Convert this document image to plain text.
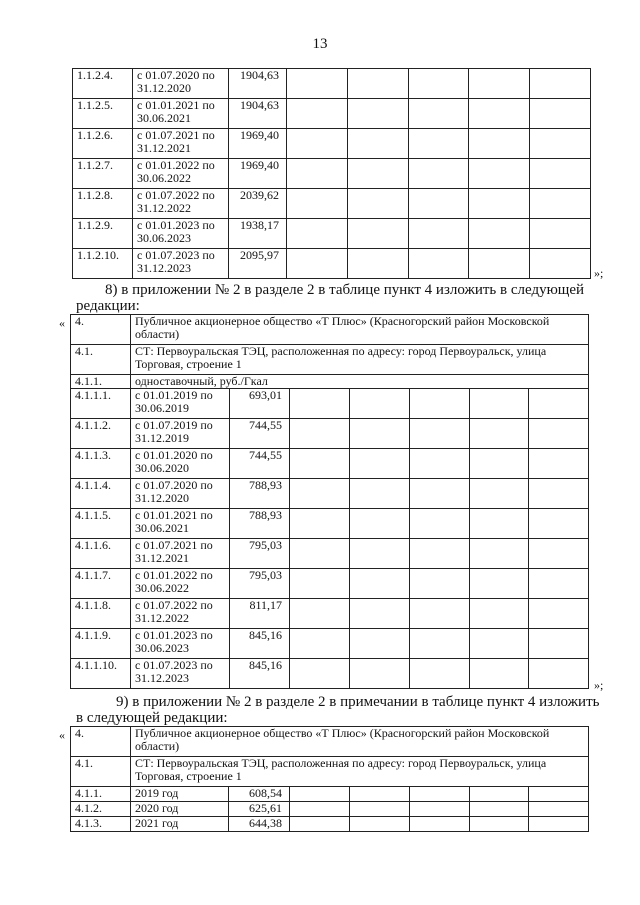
13
1.1.2.4.	с 01.07.2020 по 31.12.2020	1904,63					
1.1.2.5.	с 01.01.2021 по 30.06.2021	1904,63					
1.1.2.6.	с 01.07.2021 по 31.12.2021	1969,40					
1.1.2.7.	с 01.01.2022 по 30.06.2022	1969,40					
1.1.2.8.	с 01.07.2022 по 31.12.2022	2039,62					
1.1.2.9.	с 01.01.2023 по 30.06.2023	1938,17					
1.1.2.10.	с 01.07.2023 по 31.12.2023	2095,97					
»;
8) в приложении № 2 в разделе 2 в таблице пункт 4 изложить в следующей
редакции:
« 4.	Публичное акционерное общество «Т Плюс» (Красногорский район Московской области)						
4.1.	СТ: Первоуральская ТЭЦ, расположенная по адресу: город Первоуральск, улица Торговая, строение 1						
4.1.1.	одноставочный, руб./Гкал						
4.1.1.1.	с 01.01.2019 по 30.06.2019	693,01					
4.1.1.2.	с 01.07.2019 по 31.12.2019	744,55					
4.1.1.3.	с 01.01.2020 по 30.06.2020	744,55					
4.1.1.4.	с 01.07.2020 по 31.12.2020	788,93					
4.1.1.5.	с 01.01.2021 по 30.06.2021	788,93					
4.1.1.6.	с 01.07.2021 по 31.12.2021	795,03					
4.1.1.7.	с 01.01.2022 по 30.06.2022	795,03					
4.1.1.8.	с 01.07.2022 по 31.12.2022	811,17					
4.1.1.9.	с 01.01.2023 по 30.06.2023	845,16					
4.1.1.10.	с 01.07.2023 по 31.12.2023	845,16					
»;
9) в приложении № 2 в разделе 2 в примечании в таблице пункт 4 изложить
в следующей редакции:
« 4.	Публичное акционерное общество «Т Плюс» (Красногорский район Московской области)						
4.1.	СТ: Первоуральская ТЭЦ, расположенная по адресу: город Первоуральск, улица Торговая, строение 1						
4.1.1.	2019 год	608,54					
4.1.2.	2020 год	625,61					
4.1.3.	2021 год	644,38					
